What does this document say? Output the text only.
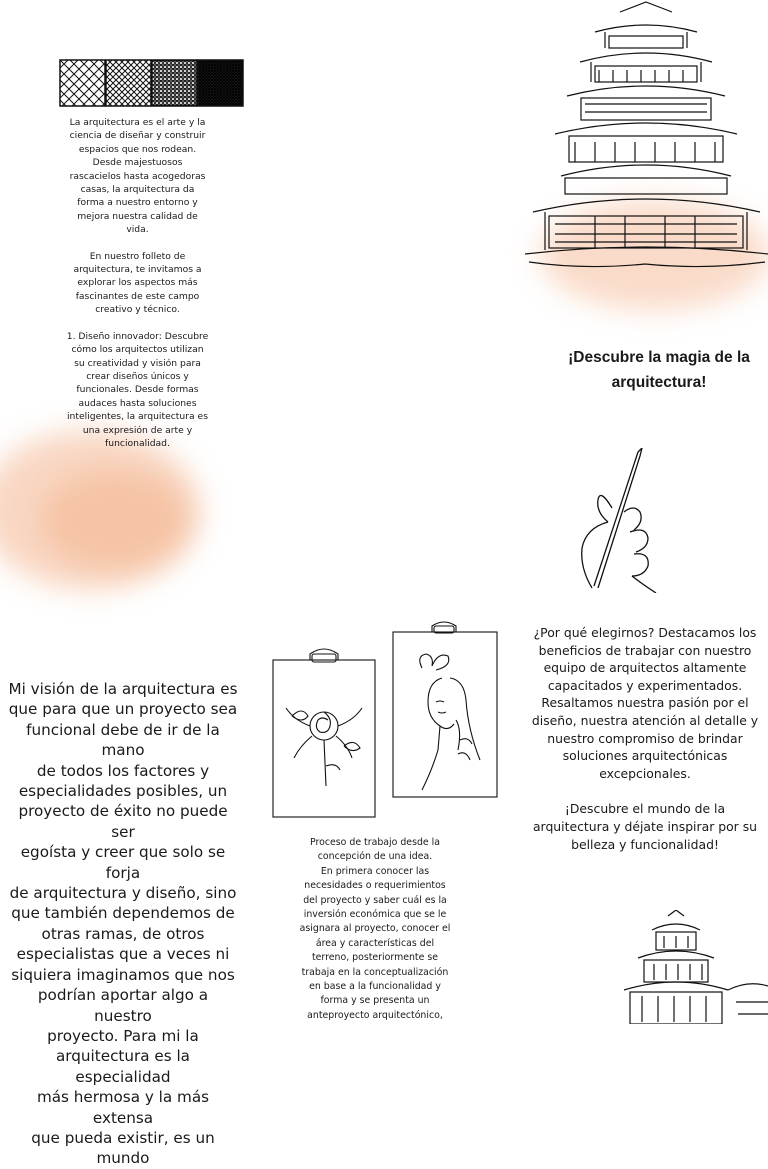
La arquitectura es el arte y la
ciencia de diseñar y construir
espacios que nos rodean.
Desde majestuosos
rascacielos hasta acogedoras
casas, la arquitectura da
forma a nuestro entorno y
mejora nuestra calidad de
vida.
En nuestro folleto de
arquitectura, te invitamos a
explorar los aspectos más
fascinantes de este campo
creativo y técnico.
1. Diseño innovador: Descubre
cómo los arquitectos utilizan
su creatividad y visión para
crear diseños únicos y
funcionales. Desde formas
audaces hasta soluciones
inteligentes, la arquitectura es
una expresión de arte y
funcionalidad.
¡Descubre la magia de la
arquitectura!
Mi visión de la arquitectura es
que para que un proyecto sea
funcional debe de ir de la mano
de todos los factores y
especialidades posibles, un
proyecto de éxito no puede ser
egoísta y creer que solo se forja
de arquitectura y diseño, sino
que también dependemos de
otras ramas, de otros
especialistas que a veces ni
siquiera imaginamos que nos
podrían aportar algo a nuestro
proyecto. Para mi la
arquitectura es la especialidad
más hermosa y la más extensa
que pueda existir, es un mundo
Proceso de trabajo desde la
concepción de una idea.
En primera conocer las
necesidades o requerimientos
del proyecto y saber cuál es la
inversión económica que se le
asignara al proyecto, conocer el
área y características del
terreno, posteriormente se
trabaja en la conceptualización
en base a la funcionalidad y
forma y se presenta un
anteproyecto arquitectónico,
¿Por qué elegirnos? Destacamos los
beneficios de trabajar con nuestro
equipo de arquitectos altamente
capacitados y experimentados.
Resaltamos nuestra pasión por el
diseño, nuestra atención al detalle y
nuestro compromiso de brindar
soluciones arquitectónicas
excepcionales.
¡Descubre el mundo de la
arquitectura y déjate inspirar por su
belleza y funcionalidad!
